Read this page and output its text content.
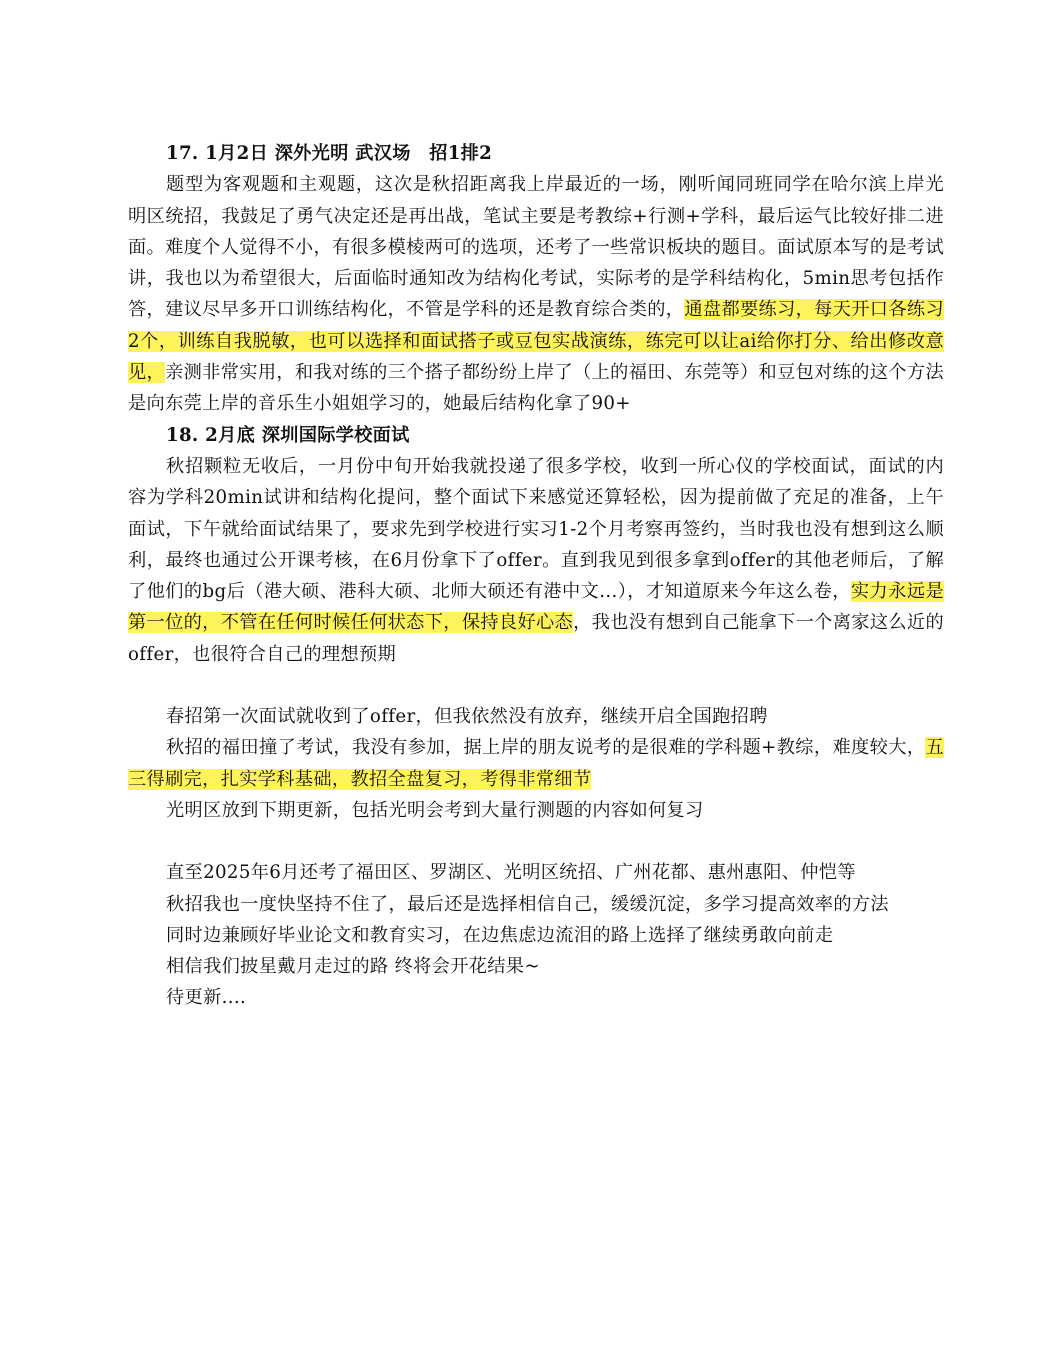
17. 1月2日 深外光明 武汉场　招1排2

题型为客观题和主观题，这次是秋招距离我上岸最近的一场，刚听闻同班同学在哈尔滨上岸光明区统招，我鼓足了勇气决定还是再出战，笔试主要是考教综+行测+学科，最后运气比较好排二进面。难度个人觉得不小，有很多模棱两可的选项，还考了一些常识板块的题目。面试原本写的是考试讲，我也以为希望很大，后面临时通知改为结构化考试，实际考的是学科结构化，5min思考包括作答，建议尽早多开口训练结构化，不管是学科的还是教育综合类的，通盘都要练习，每天开口各练习2个，训练自我脱敏，也可以选择和面试搭子或豆包实战演练，练完可以让ai给你打分、给出修改意见，亲测非常实用，和我对练的三个搭子都纷纷上岸了（上的福田、东莞等）和豆包对练的这个方法是向东莞上岸的音乐生小姐姐学习的，她最后结构化拿了90+

18. 2月底 深圳国际学校面试

秋招颗粒无收后，一月份中旬开始我就投递了很多学校，收到一所心仪的学校面试，面试的内容为学科20min试讲和结构化提问，整个面试下来感觉还算轻松，因为提前做了充足的准备，上午面试，下午就给面试结果了，要求先到学校进行实习1-2个月考察再签约，当时我也没有想到这么顺利，最终也通过公开课考核，在6月份拿下了offer。直到我见到很多拿到offer的其他老师后，了解了他们的bg后（港大硕、港科大硕、北师大硕还有港中文...），才知道原来今年这么卷，实力永远是第一位的，不管在任何时候任何状态下，保持良好心态，我也没有想到自己能拿下一个离家这么近的offer，也很符合自己的理想预期

春招第一次面试就收到了offer，但我依然没有放弃，继续开启全国跑招聘

秋招的福田撞了考试，我没有参加，据上岸的朋友说考的是很难的学科题+教综，难度较大，五三得刷完，扎实学科基础，教招全盘复习，考得非常细节

光明区放到下期更新，包括光明会考到大量行测题的内容如何复习

直至2025年6月还考了福田区、罗湖区、光明区统招、广州花都、惠州惠阳、仲恺等

秋招我也一度快坚持不住了，最后还是选择相信自己，缓缓沉淀，多学习提高效率的方法

同时边兼顾好毕业论文和教育实习，在边焦虑边流泪的路上选择了继续勇敢向前走

相信我们披星戴月走过的路 终将会开花结果~

待更新....
